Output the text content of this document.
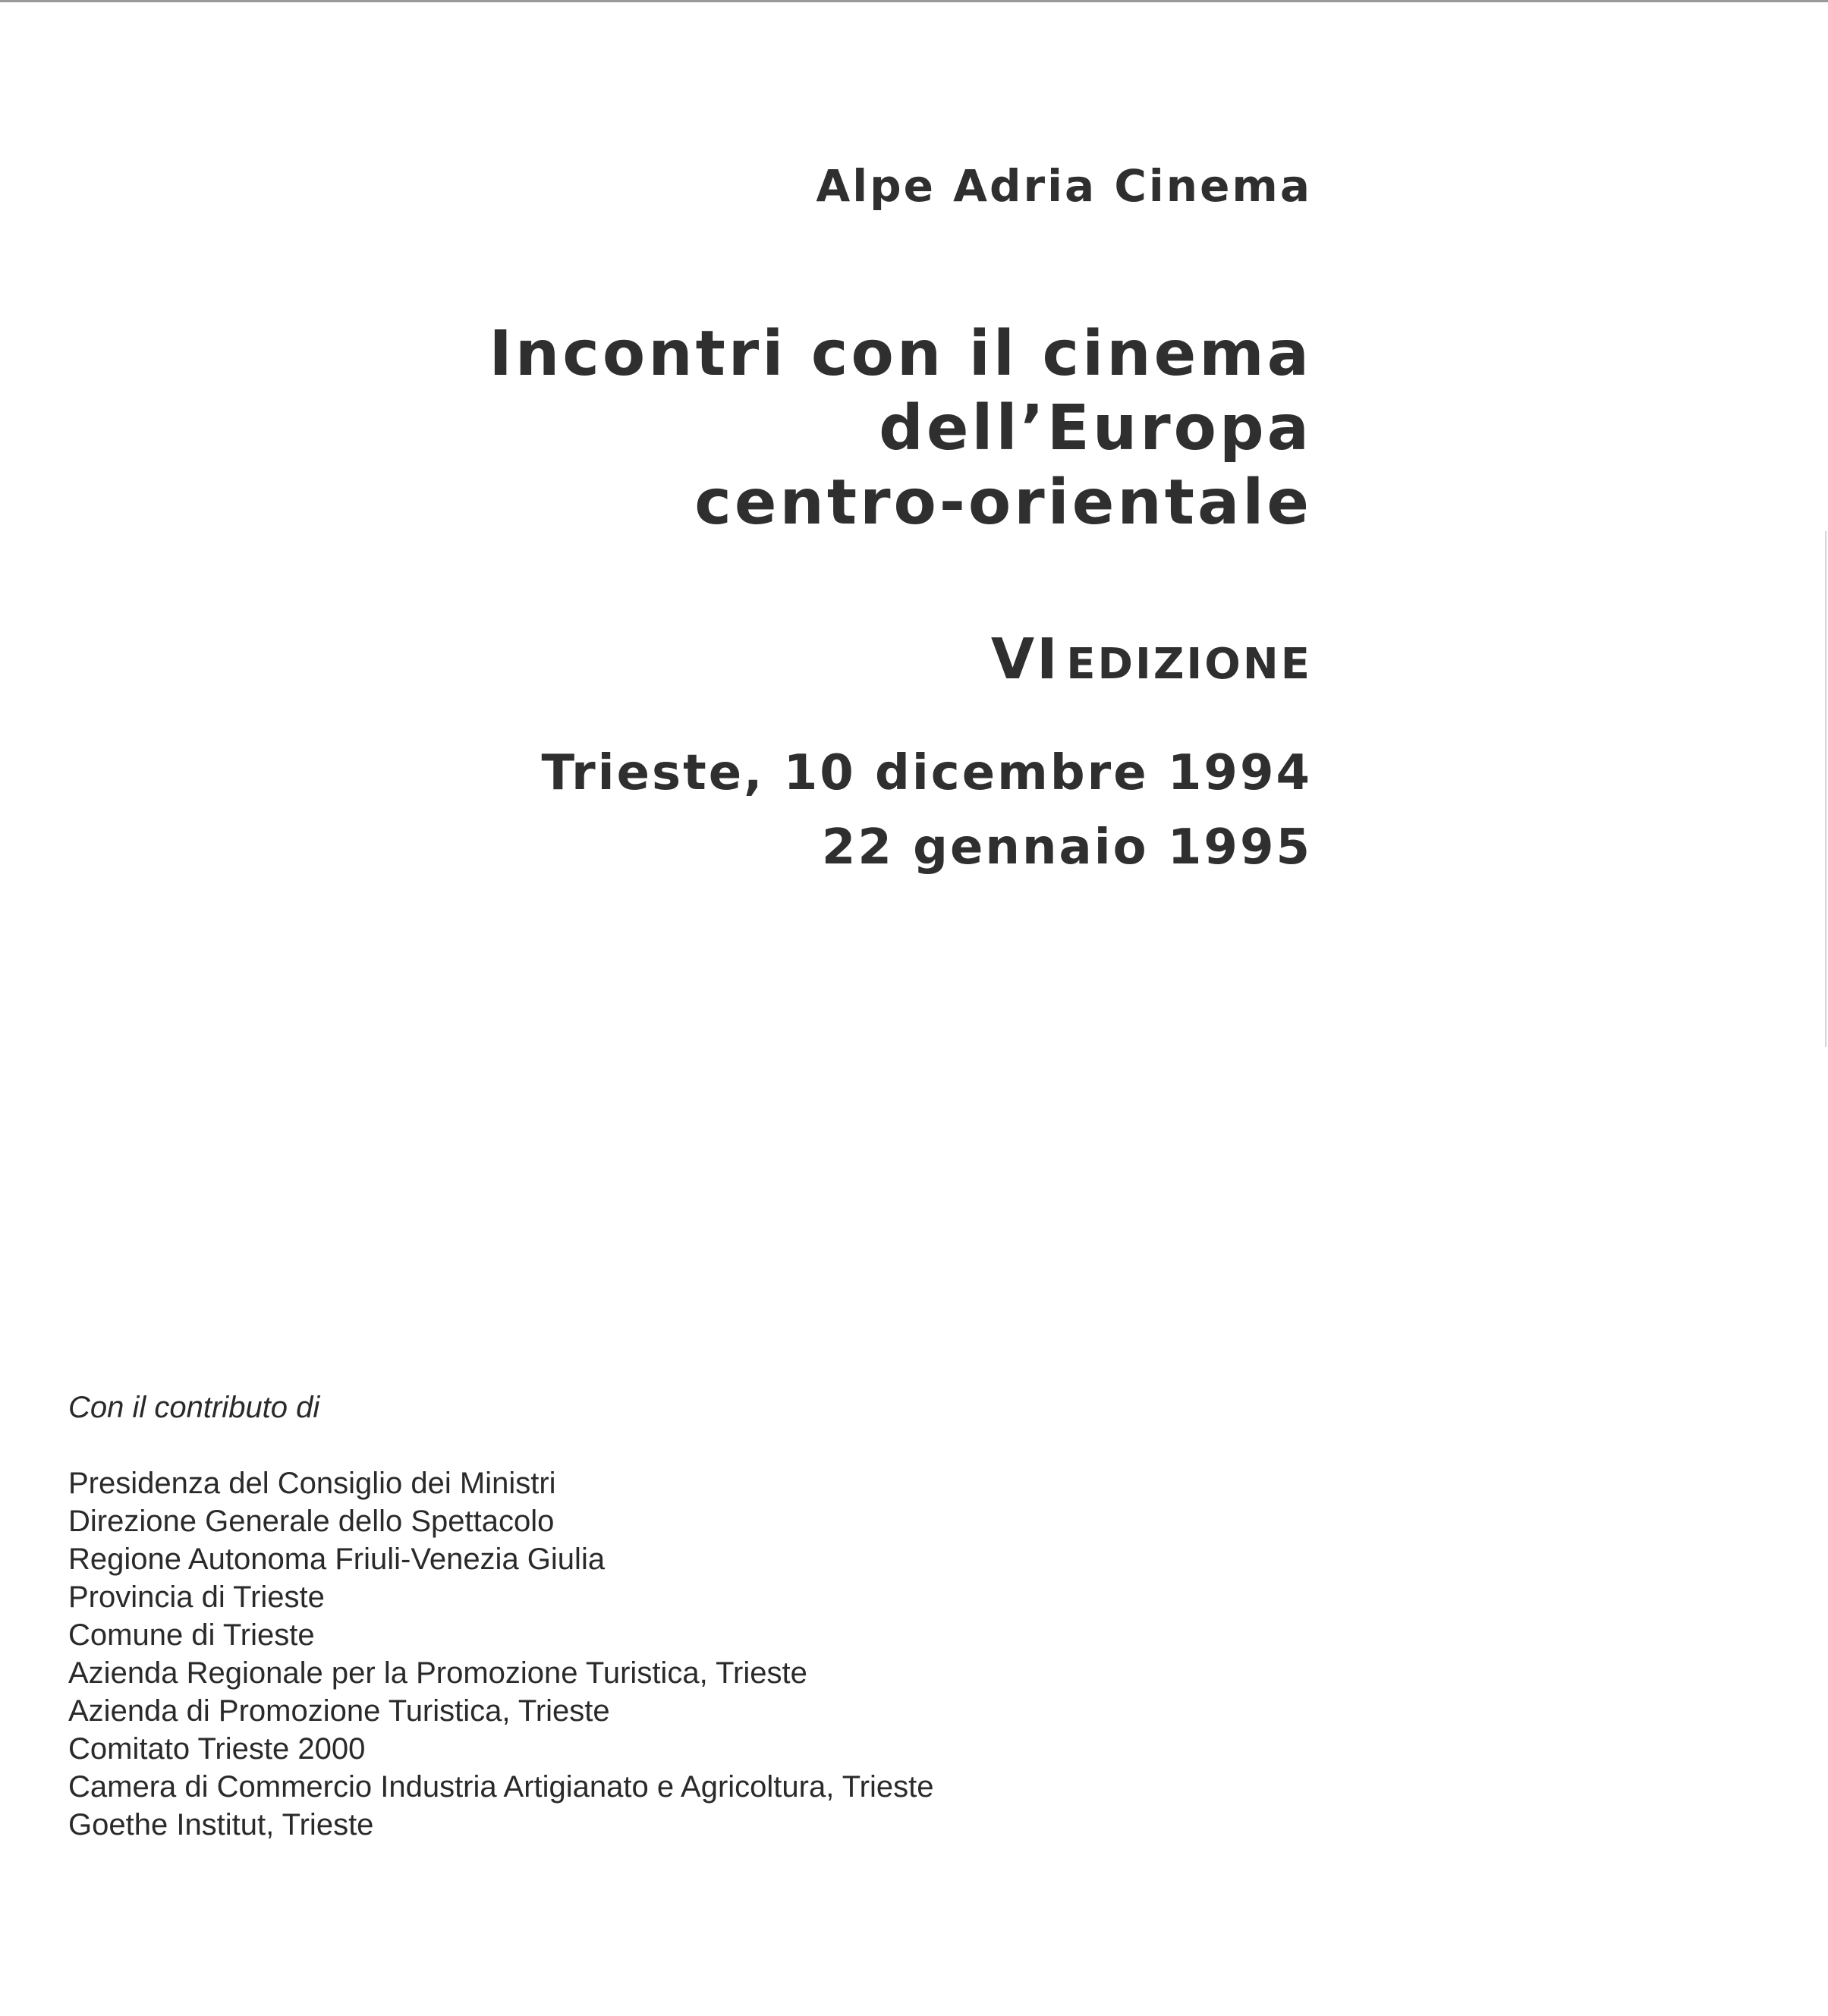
Alpe Adria Cinema
Incontri con il cinema
dell’Europa
centro-orientale
VI EDIZIONE
Trieste, 10 dicembre 1994
22 gennaio 1995
Con il contributo di
Presidenza del Consiglio dei Ministri
Direzione Generale dello Spettacolo
Regione Autonoma Friuli-Venezia Giulia
Provincia di Trieste
Comune di Trieste
Azienda Regionale per la Promozione Turistica, Trieste
Azienda di Promozione Turistica, Trieste
Comitato Trieste 2000
Camera di Commercio Industria Artigianato e Agricoltura, Trieste
Goethe Institut, Trieste
